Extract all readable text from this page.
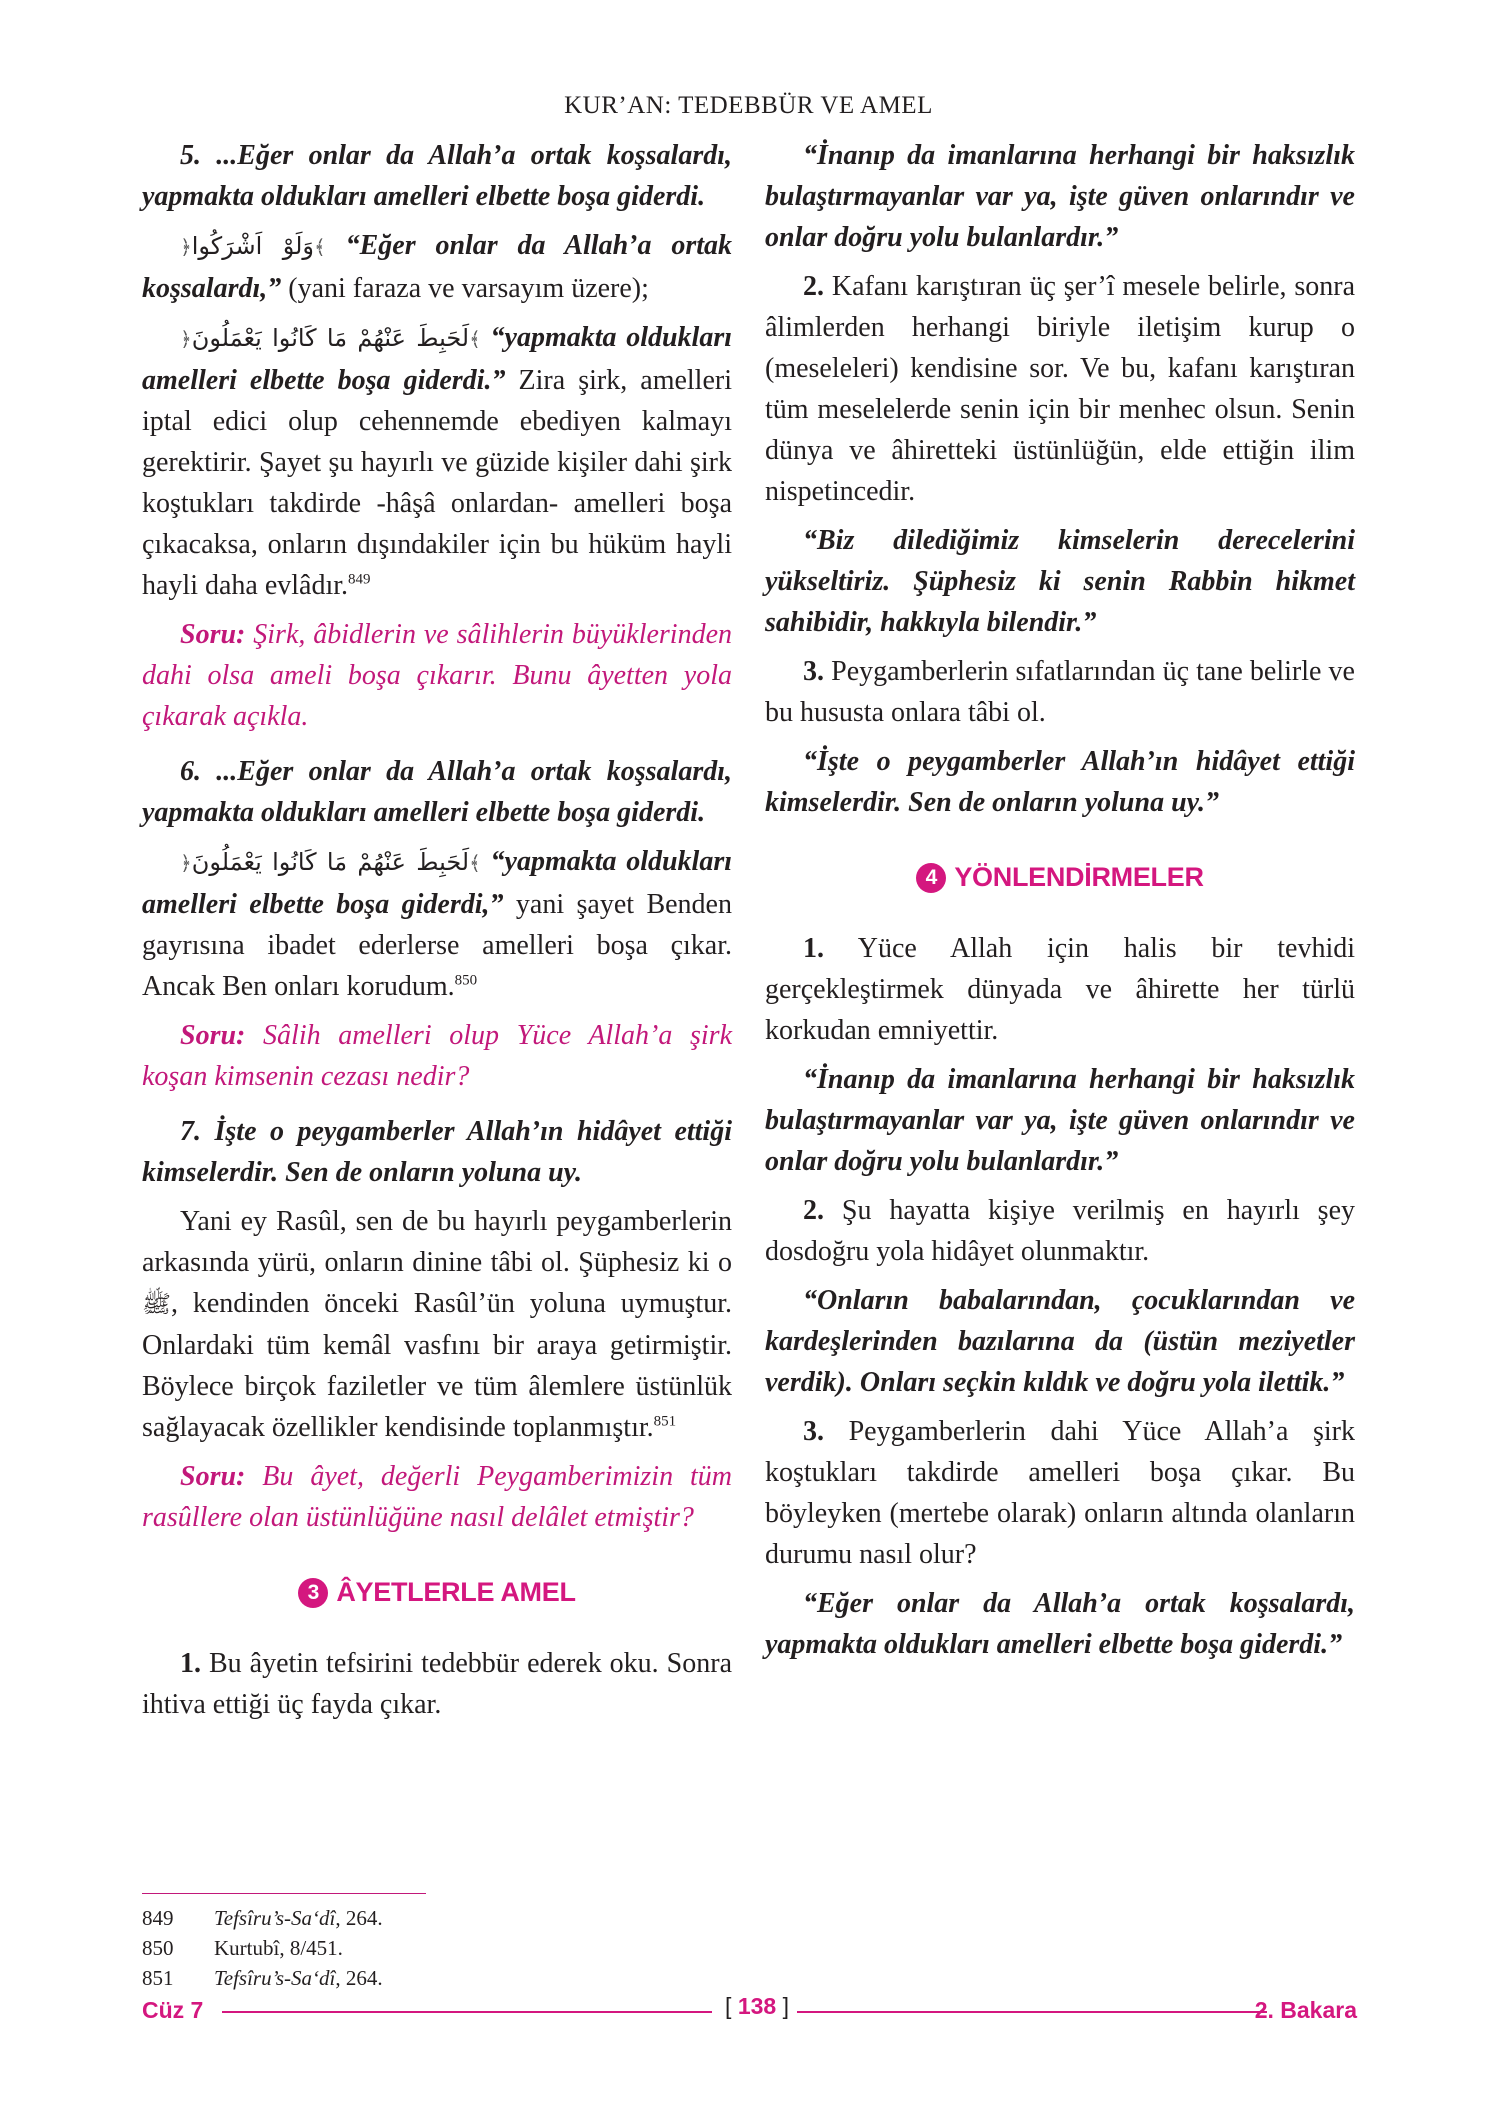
KUR’AN: TEDEBBÜR VE AMEL

5. ...Eğer onlar da Allah’a ortak koşsalardı, yapmakta oldukları amelleri elbette boşa giderdi.

﴿وَلَوْ اَشْرَكُوا﴾ “Eğer onlar da Allah’a ortak koşsalardı,” (yani faraza ve varsayım üzere);

﴿لَحَبِطَ عَنْهُمْ مَا كَانُوا يَعْمَلُونَ﴾ “yapmakta oldukları amelleri elbette boşa giderdi.” Zira şirk, amelleri iptal edici olup cehennemde ebediyen kalmayı gerektirir. Şayet şu hayırlı ve güzide kişiler dahi şirk koştukları takdirde -hâşâ onlardan- amelleri boşa çıkacaksa, onların dışındakiler için bu hüküm hayli hayli daha evlâdır.$^{849}$

Soru: Şirk, âbidlerin ve sâlihlerin büyüklerinden dahi olsa ameli boşa çıkarır. Bunu âyetten yola çıkarak açıkla.

6. ...Eğer onlar da Allah’a ortak koşsalardı, yapmakta oldukları amelleri elbette boşa giderdi.

﴿لَحَبِطَ عَنْهُمْ مَا كَانُوا يَعْمَلُونَ﴾ “yapmakta oldukları amelleri elbette boşa giderdi,” yani şayet Benden gayrısına ibadet ederlerse amelleri boşa çıkar. Ancak Ben onları korudum.$^{850}$

Soru: Sâlih amelleri olup Yüce Allah’a şirk koşan kimsenin cezası nedir?

7. İşte o peygamberler Allah’ın hidâyet ettiği kimselerdir. Sen de onların yoluna uy.

Yani ey Rasûl, sen de bu hayırlı peygamberlerin arkasında yürü, onların dinine tâbi ol. Şüphesiz ki o ﷺ, kendinden önceki Rasûl’ün yoluna uymuştur. Onlardaki tüm kemâl vasfını bir araya getirmiştir. Böylece birçok faziletler ve tüm âlemlere üstünlük sağlayacak özellikler kendisinde toplanmıştır.$^{851}$

Soru: Bu âyet, değerli Peygamberimizin tüm rasûllere olan üstünlüğüne nasıl delâlet etmiştir?

3 ÂYETLERLE AMEL

1. Bu âyetin tefsirini tedebbür ederek oku. Sonra ihtiva ettiği üç fayda çıkar.

“İnanıp da imanlarına herhangi bir haksızlık bulaştırmayanlar var ya, işte güven onlarındır ve onlar doğru yolu bulanlardır.”

2. Kafanı karıştıran üç şer’î mesele belirle, sonra âlimlerden herhangi biriyle iletişim kurup o (meseleleri) kendisine sor. Ve bu, kafanı karıştıran tüm meselelerde senin için bir menhec olsun. Senin dünya ve âhiretteki üstünlüğün, elde ettiğin ilim nispetincedir.

“Biz dilediğimiz kimselerin derecelerini yükseltiriz. Şüphesiz ki senin Rabbin hikmet sahibidir, hakkıyla bilendir.”

3. Peygamberlerin sıfatlarından üç tane belirle ve bu hususta onlara tâbi ol.

“İşte o peygamberler Allah’ın hidâyet ettiği kimselerdir. Sen de onların yoluna uy.”

4 YÖNLENDİRMELER

1. Yüce Allah için halis bir tevhidi gerçekleştirmek dünyada ve âhirette her türlü korkudan emniyettir.

“İnanıp da imanlarına herhangi bir haksızlık bulaştırmayanlar var ya, işte güven onlarındır ve onlar doğru yolu bulanlardır.”

2. Şu hayatta kişiye verilmiş en hayırlı şey dosdoğru yola hidâyet olunmaktır.

“Onların babalarından, çocuklarından ve kardeşlerinden bazılarına da (üstün meziyetler verdik). Onları seçkin kıldık ve doğru yola ilettik.”

3. Peygamberlerin dahi Yüce Allah’a şirk koştukları takdirde amelleri boşa çıkar. Bu böyleyken (mertebe olarak) onların altında olanların durumu nasıl olur?

“Eğer onlar da Allah’a ortak koşsalardı, yapmakta oldukları amelleri elbette boşa giderdi.”

849	Tefsîru’s-Sa‘dî, 264.
850	Kurtubî, 8/451.
851	Tefsîru’s-Sa‘dî, 264.
Cüz 7	[ 138 ]	2. Bakara
